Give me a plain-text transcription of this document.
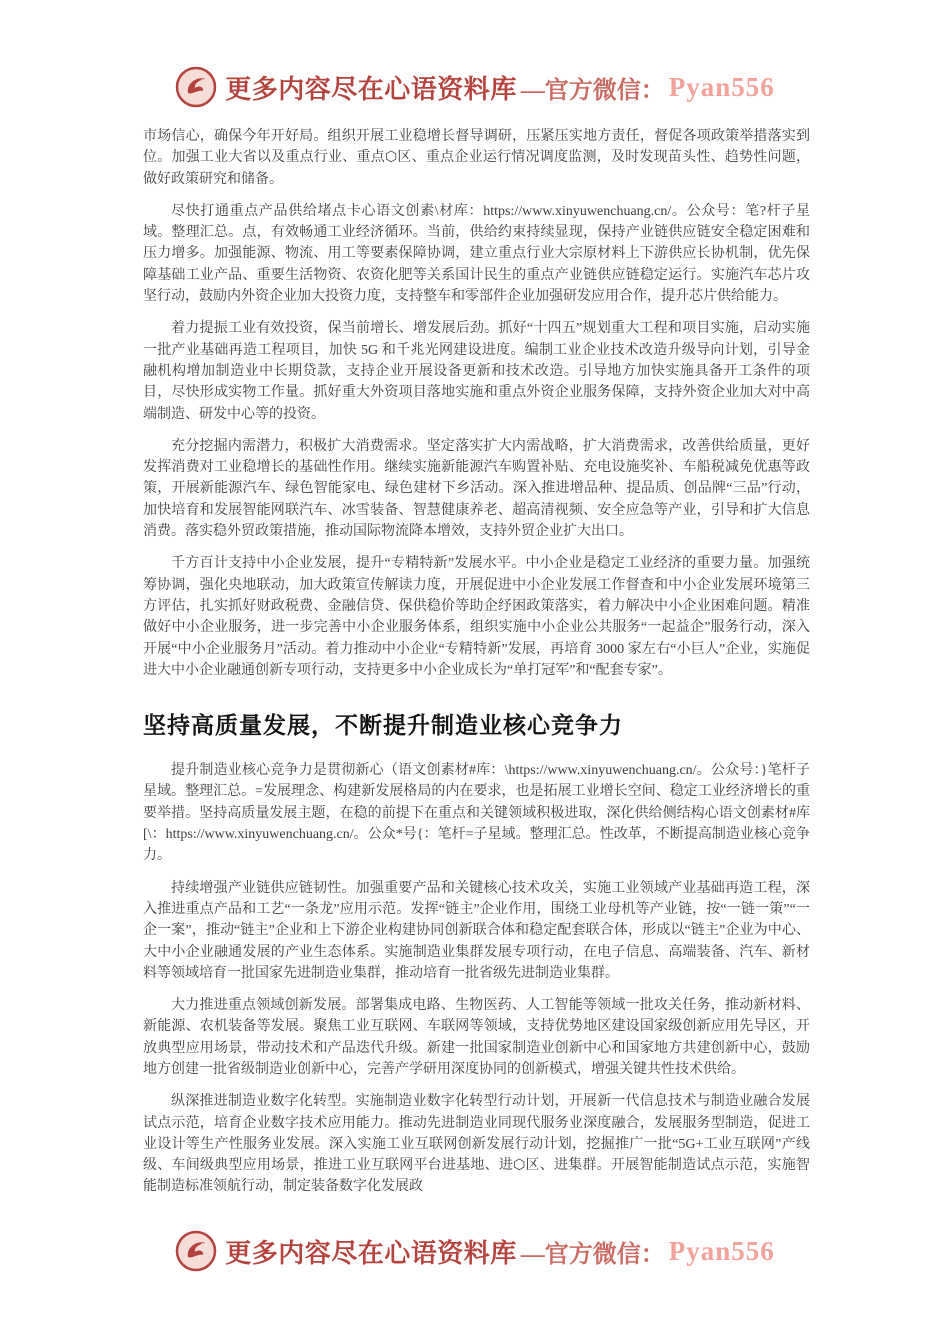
更多内容尽在心语资料库 —官方微信： Pyan556

市场信心，确保今年开好局。组织开展工业稳增长督导调研，压紧压实地方责任，督促各项政策举措落实到位。加强工业大省以及重点行业、重点⬡区、重点企业运行情况调度监测，及时发现苗头性、趋势性问题，做好政策研究和储备。

尽快打通重点产品供给堵点卡心语文创素\材库：https://www.xinyuwenchuang.cn/。公众号：笔?杆子星域。整理汇总。点，有效畅通工业经济循环。当前，供给约束持续显现，保持产业链供应链安全稳定困难和压力增多。加强能源、物流、用工等要素保障协调，建立重点行业大宗原材料上下游供应长协机制，优先保障基础工业产品、重要生活物资、农资化肥等关系国计民生的重点产业链供应链稳定运行。实施汽车芯片攻坚行动，鼓励内外资企业加大投资力度，支持整车和零部件企业加强研发应用合作，提升芯片供给能力。

着力提振工业有效投资，保当前增长、增发展后劲。抓好“十四五”规划重大工程和项目实施，启动实施一批产业基础再造工程项目，加快 5G 和千兆光网建设进度。编制工业企业技术改造升级导向计划，引导金融机构增加制造业中长期贷款，支持企业开展设备更新和技术改造。引导地方加快实施具备开工条件的项目，尽快形成实物工作量。抓好重大外资项目落地实施和重点外资企业服务保障，支持外资企业加大对中高端制造、研发中心等的投资。

充分挖掘内需潜力，积极扩大消费需求。坚定落实扩大内需战略，扩大消费需求，改善供给质量，更好发挥消费对工业稳增长的基础性作用。继续实施新能源汽车购置补贴、充电设施奖补、车船税减免优惠等政策，开展新能源汽车、绿色智能家电、绿色建材下乡活动。深入推进增品种、提品质、创品牌“三品”行动，加快培育和发展智能网联汽车、冰雪装备、智慧健康养老、超高清视频、安全应急等产业，引导和扩大信息消费。落实稳外贸政策措施，推动国际物流降本增效，支持外贸企业扩大出口。

千方百计支持中小企业发展，提升“专精特新”发展水平。中小企业是稳定工业经济的重要力量。加强统筹协调，强化央地联动，加大政策宣传解读力度，开展促进中小企业发展工作督查和中小企业发展环境第三方评估，扎实抓好财政税费、金融信贷、保供稳价等助企纾困政策落实，着力解决中小企业困难问题。精准做好中小企业服务，进一步完善中小企业服务体系，组织实施中小企业公共服务“一起益企”服务行动，深入开展“中小企业服务月”活动。着力推动中小企业“专精特新”发展，再培育 3000 家左右“小巨人”企业，实施促进大中小企业融通创新专项行动，支持更多中小企业成长为“单打冠军”和“配套专家”。

坚持高质量发展，不断提升制造业核心竞争力

提升制造业核心竞争力是贯彻新心（语文创素材#库：\https://www.xinyuwenchuang.cn/。公众号：}笔杆子星域。整理汇总。=发展理念、构建新发展格局的内在要求，也是拓展工业增长空间、稳定工业经济增长的重要举措。坚持高质量发展主题，在稳的前提下在重点和关键领域积极进取，深化供给侧结构心语文创素材#库[\：https://www.xinyuwenchuang.cn/。公众*号{：笔杆=子星域。整理汇总。性改革，不断提高制造业核心竞争力。

持续增强产业链供应链韧性。加强重要产品和关键核心技术攻关，实施工业领域产业基础再造工程，深入推进重点产品和工艺“一条龙”应用示范。发挥“链主”企业作用，围绕工业母机等产业链，按“一链一策”“一企一案”，推动“链主”企业和上下游企业构建协同创新联合体和稳定配套联合体，形成以“链主”企业为中心、大中小企业融通发展的产业生态体系。实施制造业集群发展专项行动，在电子信息、高端装备、汽车、新材料等领域培育一批国家先进制造业集群，推动培育一批省级先进制造业集群。

大力推进重点领域创新发展。部署集成电路、生物医药、人工智能等领域一批攻关任务，推动新材料、新能源、农机装备等发展。聚焦工业互联网、车联网等领域，支持优势地区建设国家级创新应用先导区，开放典型应用场景，带动技术和产品迭代升级。新建一批国家制造业创新中心和国家地方共建创新中心，鼓励地方创建一批省级制造业创新中心，完善产学研用深度协同的创新模式，增强关键共性技术供给。

纵深推进制造业数字化转型。实施制造业数字化转型行动计划，开展新一代信息技术与制造业融合发展试点示范，培育企业数字技术应用能力。推动先进制造业同现代服务业深度融合，发展服务型制造，促进工业设计等生产性服务业发展。深入实施工业互联网创新发展行动计划，挖掘推广一批“5G+工业互联网”产线级、车间级典型应用场景，推进工业互联网平台进基地、进⬡区、进集群。开展智能制造试点示范，实施智能制造标准领航行动，制定装备数字化发展政

更多内容尽在心语资料库 —官方微信： Pyan556
